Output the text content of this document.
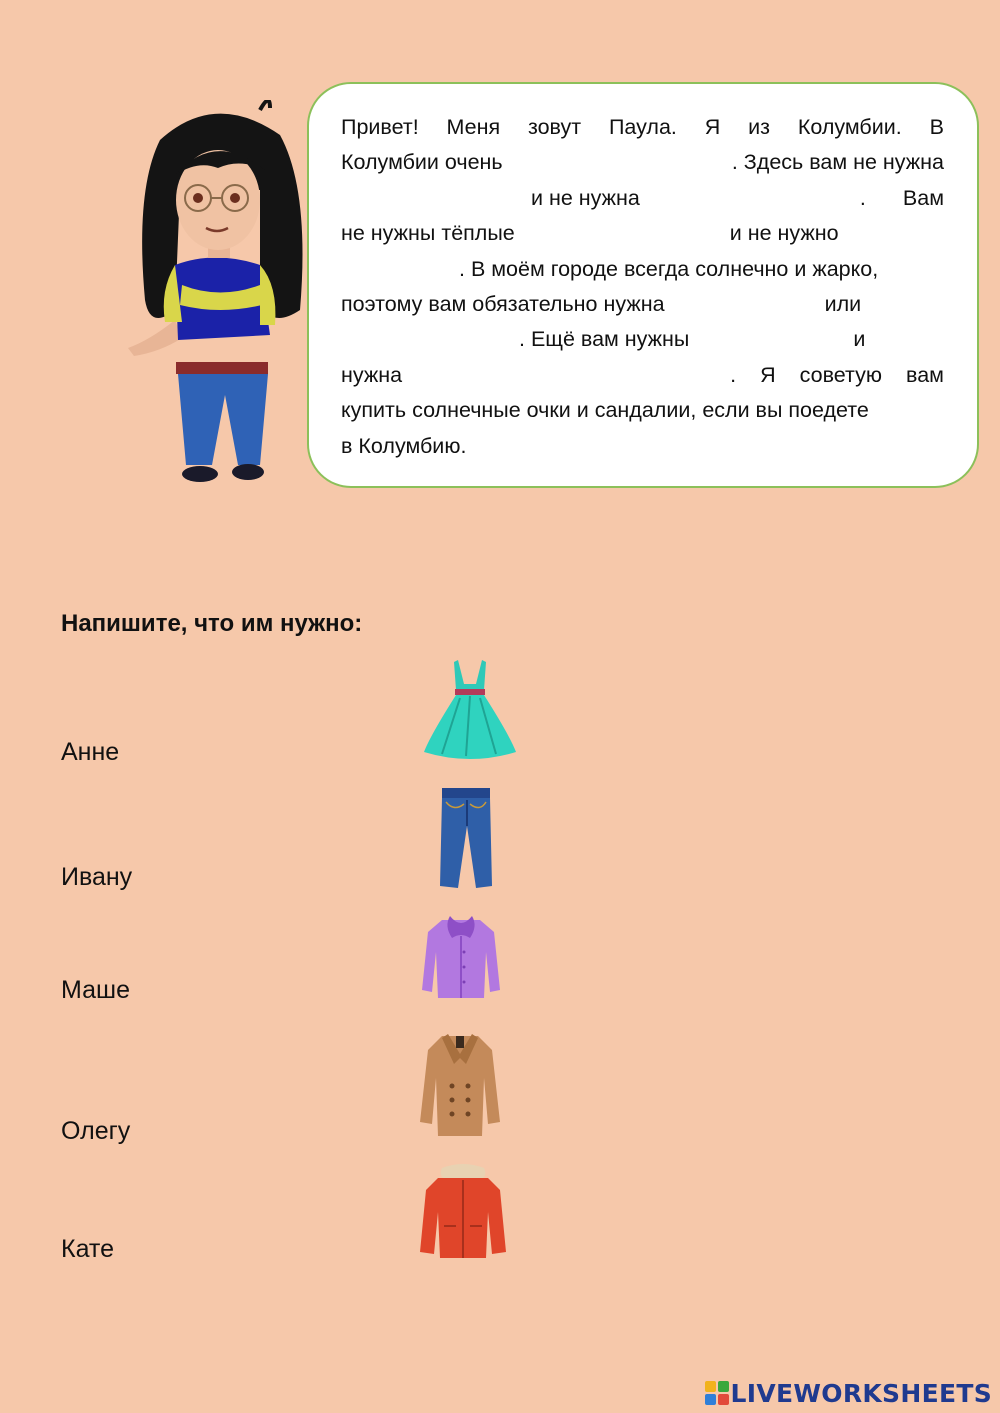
Привет! Меня зовут Паула. Я из Колумбии. В
Колумбии очень	. Здесь вам не нужна
и не нужна	. Вам
не нужны тёплые	и не нужно
. В моём городе всегда солнечно и жарко,
поэтому вам обязательно нужна	или
. Ещё вам нужны	и
нужна	. Я советую вам
купить солнечные очки и сандалии, если вы поедете
в Колумбию.
Напишите, что им нужно:
Анне
Ивану
Маше
Олегу
Кате
LIVEWORKSHEETS
